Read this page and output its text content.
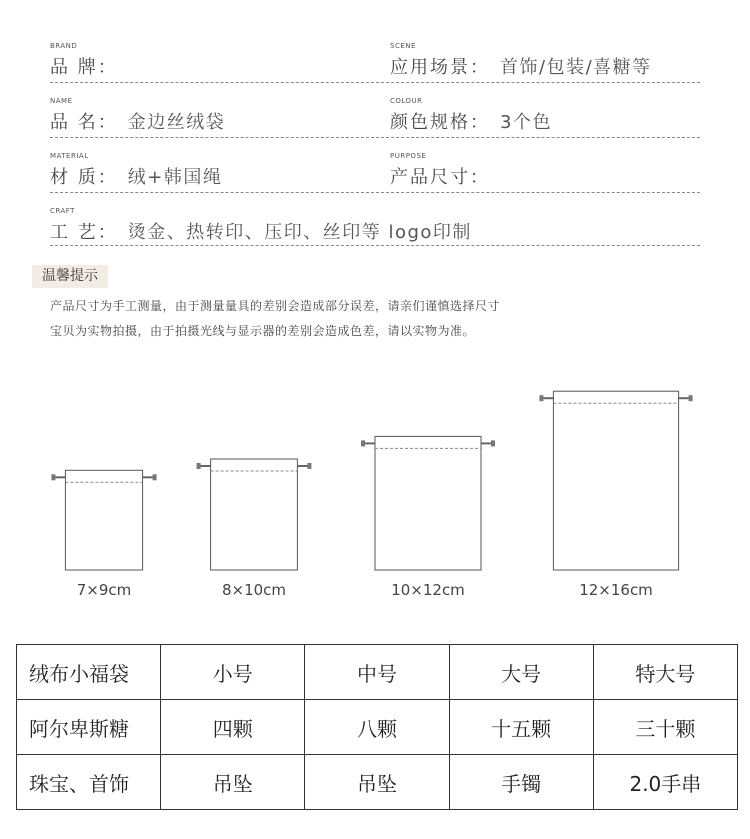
BRAND
品 牌：
SCENE
应用场景： 首饰/包装/喜糖等
NAME
品 名： 金边丝绒袋
COLOUR
颜色规格： 3个色
MATERIAL
材 质： 绒+韩国绳
PURPOSE
产品尺寸：
CRAFT
工 艺： 烫金、热转印、压印、丝印等 logo印制
温馨提示
产品尺寸为手工测量，由于测量量具的差别会造成部分误差，请亲们谨慎选择尺寸
宝贝为实物拍摄，由于拍摄光线与显示器的差别会造成色差，请以实物为准。
7×9cm	8×10cm	10×12cm	12×16cm
绒布小福袋	小号	中号	大号	特大号
阿尔卑斯糖	四颗	八颗	十五颗	三十颗
珠宝、首饰	吊坠	吊坠	手镯	2.0手串
